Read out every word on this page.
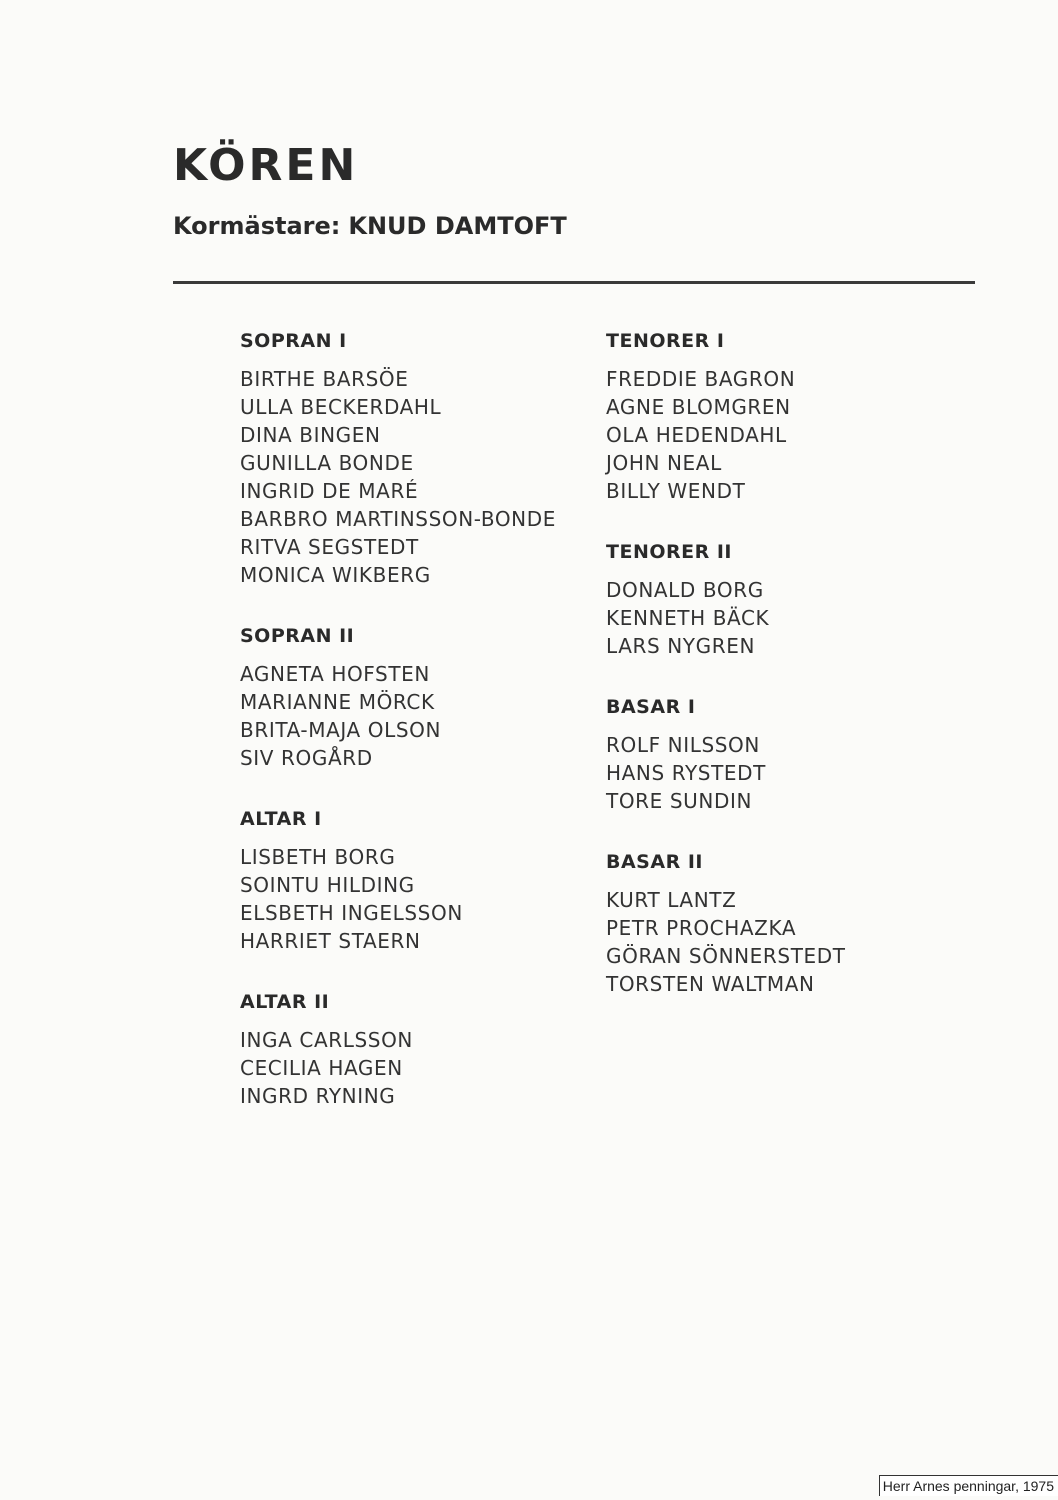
KÖREN
Kormästare: KNUD DAMTOFT
SOPRAN I
BIRTHE BARSÖE
ULLA BECKERDAHL
DINA BINGEN
GUNILLA BONDE
INGRID DE MARÉ
BARBRO MARTINSSON-BONDE
RITVA SEGSTEDT
MONICA WIKBERG
SOPRAN II
AGNETA HOFSTEN
MARIANNE MÖRCK
BRITA-MAJA OLSON
SIV ROGÅRD
ALTAR I
LISBETH BORG
SOINTU HILDING
ELSBETH INGELSSON
HARRIET STAERN
ALTAR II
INGA CARLSSON
CECILIA HAGEN
INGRD RYNING
TENORER I
FREDDIE BAGRON
AGNE BLOMGREN
OLA HEDENDAHL
JOHN NEAL
BILLY WENDT
TENORER II
DONALD BORG
KENNETH BÄCK
LARS NYGREN
BASAR I
ROLF NILSSON
HANS RYSTEDT
TORE SUNDIN
BASAR II
KURT LANTZ
PETR PROCHAZKA
GÖRAN SÖNNERSTEDT
TORSTEN WALTMAN
Herr Arnes penningar, 1975
